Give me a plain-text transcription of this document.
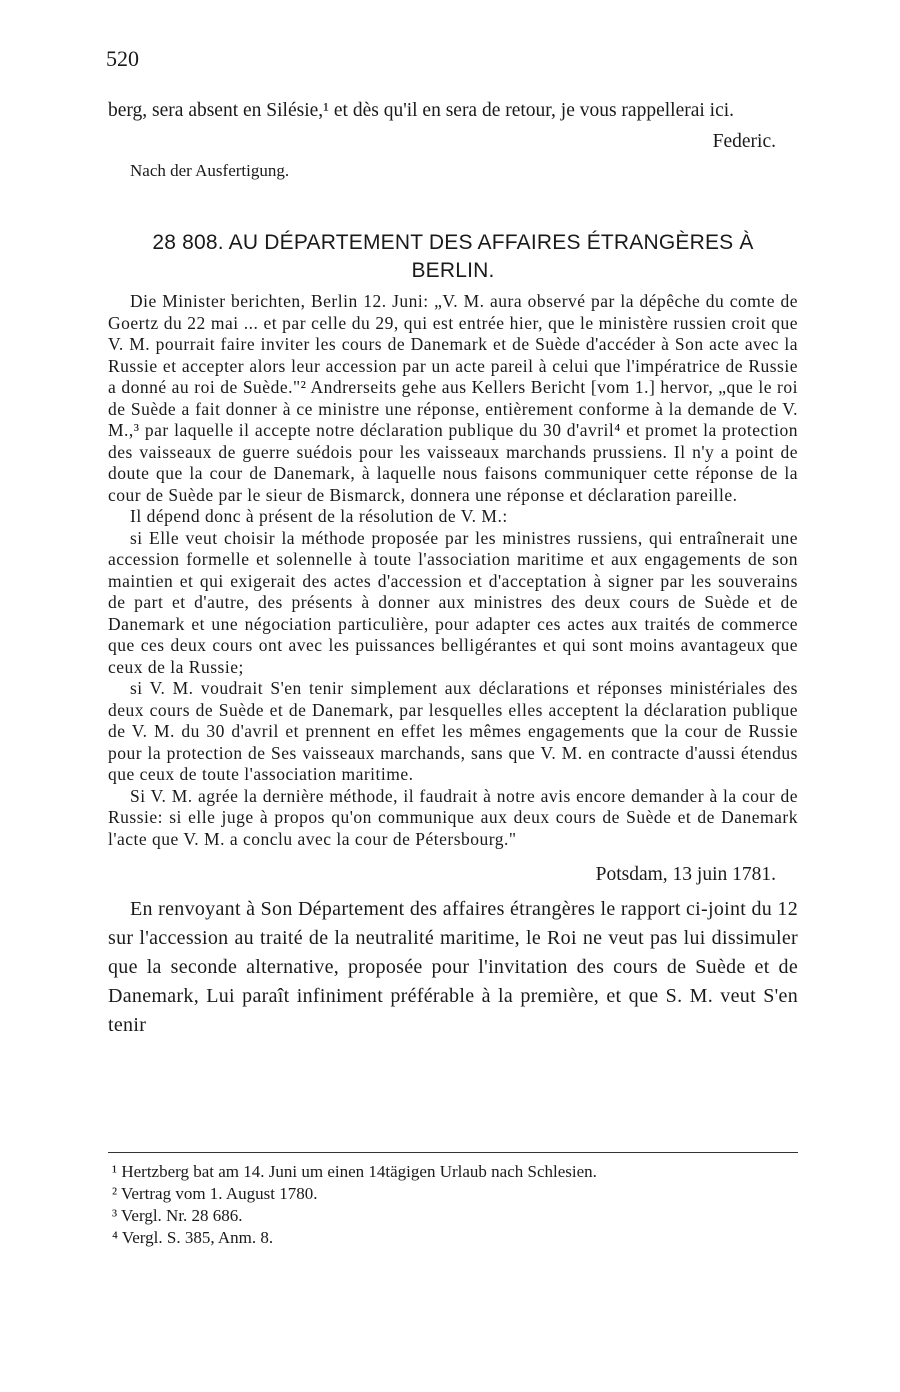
520

berg, sera absent en Silésie,¹ et dès qu'il en sera de retour, je vous rappellerai ici.

Federic.

Nach der Ausfertigung.

28 808. AU DÉPARTEMENT DES AFFAIRES ÉTRANGÈRES À BERLIN.

Die Minister berichten, Berlin 12. Juni: „V. M. aura observé par la dépêche du comte de Goertz du 22 mai ... et par celle du 29, qui est entrée hier, que le ministère russien croit que V. M. pourrait faire inviter les cours de Danemark et de Suède d'accéder à Son acte avec la Russie et accepter alors leur accession par un acte pareil à celui que l'impératrice de Russie a donné au roi de Suède."² Andrerseits gehe aus Kellers Bericht [vom 1.] hervor, „que le roi de Suède a fait donner à ce ministre une réponse, entièrement conforme à la demande de V. M.,³ par laquelle il accepte notre déclaration publique du 30 d'avril⁴ et promet la protection des vaisseaux de guerre suédois pour les vaisseaux marchands prussiens. Il n'y a point de doute que la cour de Danemark, à laquelle nous faisons communiquer cette réponse de la cour de Suède par le sieur de Bismarck, donnera une réponse et déclaration pareille.

Il dépend donc à présent de la résolution de V. M.:

si Elle veut choisir la méthode proposée par les ministres russiens, qui entraînerait une accession formelle et solennelle à toute l'association maritime et aux engagements de son maintien et qui exigerait des actes d'accession et d'acceptation à signer par les souverains de part et d'autre, des présents à donner aux ministres des deux cours de Suède et de Danemark et une négociation particulière, pour adapter ces actes aux traités de commerce que ces deux cours ont avec les puissances belligérantes et qui sont moins avantageux que ceux de la Russie;

si V. M. voudrait S'en tenir simplement aux déclarations et réponses ministériales des deux cours de Suède et de Danemark, par lesquelles elles acceptent la déclaration publique de V. M. du 30 d'avril et prennent en effet les mêmes engagements que la cour de Russie pour la protection de Ses vaisseaux marchands, sans que V. M. en contracte d'aussi étendus que ceux de toute l'association maritime.

Si V. M. agrée la dernière méthode, il faudrait à notre avis encore demander à la cour de Russie: si elle juge à propos qu'on communique aux deux cours de Suède et de Danemark l'acte que V. M. a conclu avec la cour de Pétersbourg."

Potsdam, 13 juin 1781.

En renvoyant à Son Département des affaires étrangères le rapport ci-joint du 12 sur l'accession au traité de la neutralité maritime, le Roi ne veut pas lui dissimuler que la seconde alternative, proposée pour l'invitation des cours de Suède et de Danemark, Lui paraît infiniment préférable à la première, et que S. M. veut S'en tenir

¹ Hertzberg bat am 14. Juni um einen 14tägigen Urlaub nach Schlesien.

² Vertrag vom 1. August 1780.

³ Vergl. Nr. 28 686.

⁴ Vergl. S. 385, Anm. 8.
